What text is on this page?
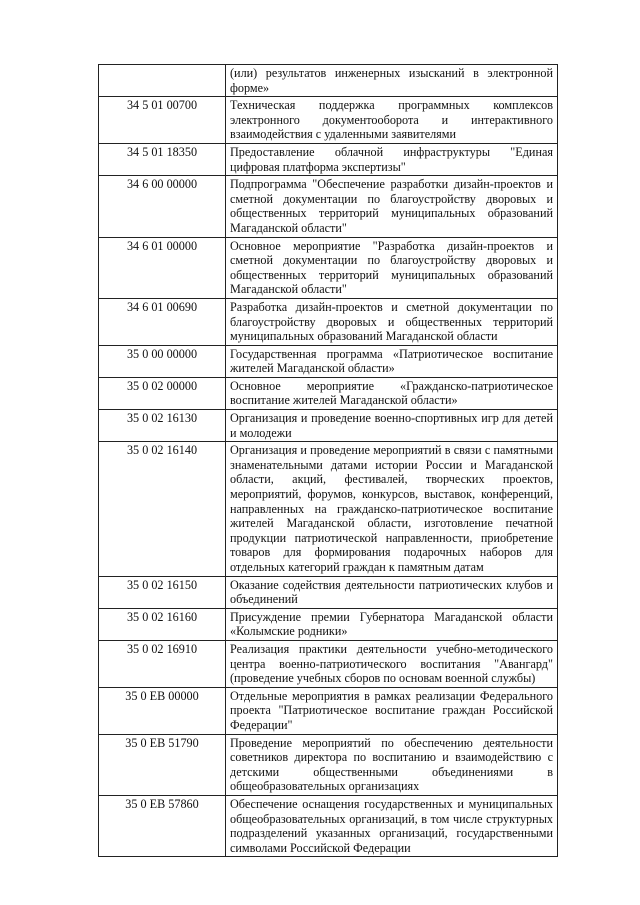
	(или) результатов инженерных изысканий в электронной форме»
34 5 01 00700	Техническая поддержка программных комплексов электронного документооборота и интерактивного взаимодействия с удаленными заявителями
34 5 01 18350	Предоставление облачной инфраструктуры "Единая цифровая платформа экспертизы"
34 6 00 00000	Подпрограмма "Обеспечение разработки дизайн-проектов и сметной документации по благоустройству дворовых и общественных территорий муниципальных образований Магаданской области"
34 6 01 00000	Основное мероприятие "Разработка дизайн-проектов и сметной документации по благоустройству дворовых и общественных территорий муниципальных образований Магаданской области"
34 6 01 00690	Разработка дизайн-проектов и сметной документации по благоустройству дворовых и общественных территорий муниципальных образований Магаданской области
35 0 00 00000	Государственная программа «Патриотическое воспитание жителей Магаданской области»
35 0 02 00000	Основное мероприятие «Гражданско-патриотическое воспитание жителей Магаданской области»
35 0 02 16130	Организация и проведение военно-спортивных игр для детей и молодежи
35 0 02 16140	Организация и проведение мероприятий в связи с памятными знаменательными датами истории России и Магаданской области, акций, фестивалей, творческих проектов, мероприятий, форумов, конкурсов, выставок, конференций, направленных на гражданско-патриотическое воспитание жителей Магаданской области, изготовление печатной продукции патриотической направленности, приобретение товаров для формирования подарочных наборов для отдельных категорий граждан к памятным датам
35 0 02 16150	Оказание содействия деятельности патриотических клубов и объединений
35 0 02 16160	Присуждение премии Губернатора Магаданской области «Колымские родники»
35 0 02 16910	Реализация практики деятельности учебно-методического центра военно-патриотического воспитания "Авангард" (проведение учебных сборов по основам военной службы)
35 0 ЕВ 00000	Отдельные мероприятия в рамках реализации Федерального проекта "Патриотическое воспитание граждан Российской Федерации"
35 0 ЕВ 51790	Проведение мероприятий по обеспечению деятельности советников директора по воспитанию и взаимодействию с детскими общественными объединениями в общеобразовательных организациях
35 0 ЕВ 57860	Обеспечение оснащения государственных и муниципальных общеобразовательных организаций, в том числе структурных подразделений указанных организаций, государственными символами Российской Федерации
